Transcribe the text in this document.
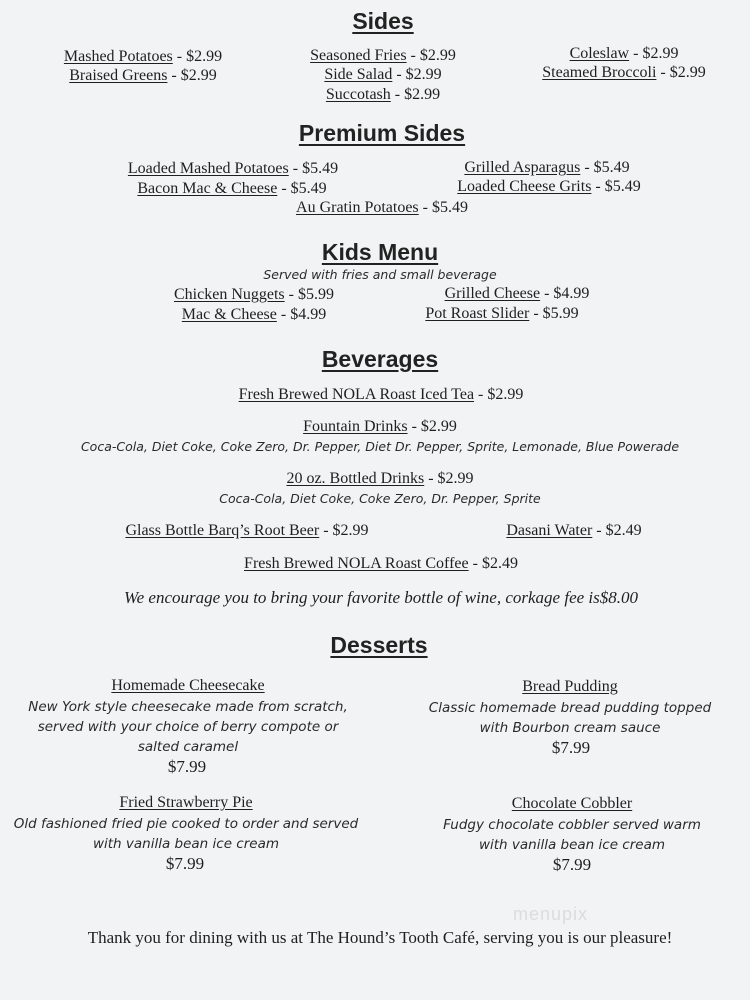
Sides
Mashed Potatoes - $2.99
Braised Greens - $2.99
Seasoned Fries - $2.99
Side Salad - $2.99
Succotash - $2.99
Coleslaw - $2.99
Steamed Broccoli - $2.99
Premium Sides
Loaded Mashed Potatoes - $5.49
Bacon Mac & Cheese - $5.49
Grilled Asparagus - $5.49
Loaded Cheese Grits - $5.49
Au Gratin Potatoes - $5.49
Kids Menu
Served with fries and small beverage
Chicken Nuggets - $5.99
Mac & Cheese - $4.99
Grilled Cheese - $4.99
Pot Roast Slider - $5.99
Beverages
Fresh Brewed NOLA Roast Iced Tea - $2.99
Fountain Drinks - $2.99
Coca-Cola, Diet Coke, Coke Zero, Dr. Pepper, Diet Dr. Pepper, Sprite, Lemonade, Blue Powerade
20 oz. Bottled Drinks - $2.99
Coca-Cola, Diet Coke, Coke Zero, Dr. Pepper, Sprite
Glass Bottle Barq’s Root Beer - $2.99	Dasani Water - $2.49
Fresh Brewed NOLA Roast Coffee - $2.49
We encourage you to bring your favorite bottle of wine, corkage fee is$8.00
Desserts
Homemade Cheesecake
New York style cheesecake made from scratch,
served with your choice of berry compote or
salted caramel
$7.99
Bread Pudding
Classic homemade bread pudding topped
with Bourbon cream sauce
$7.99
Fried Strawberry Pie
Old fashioned fried pie cooked to order and served
with vanilla bean ice cream
$7.99
Chocolate Cobbler
Fudgy chocolate cobbler served warm
with vanilla bean ice cream
$7.99
menupix
Thank you for dining with us at The Hound’s Tooth Café, serving you is our pleasure!
